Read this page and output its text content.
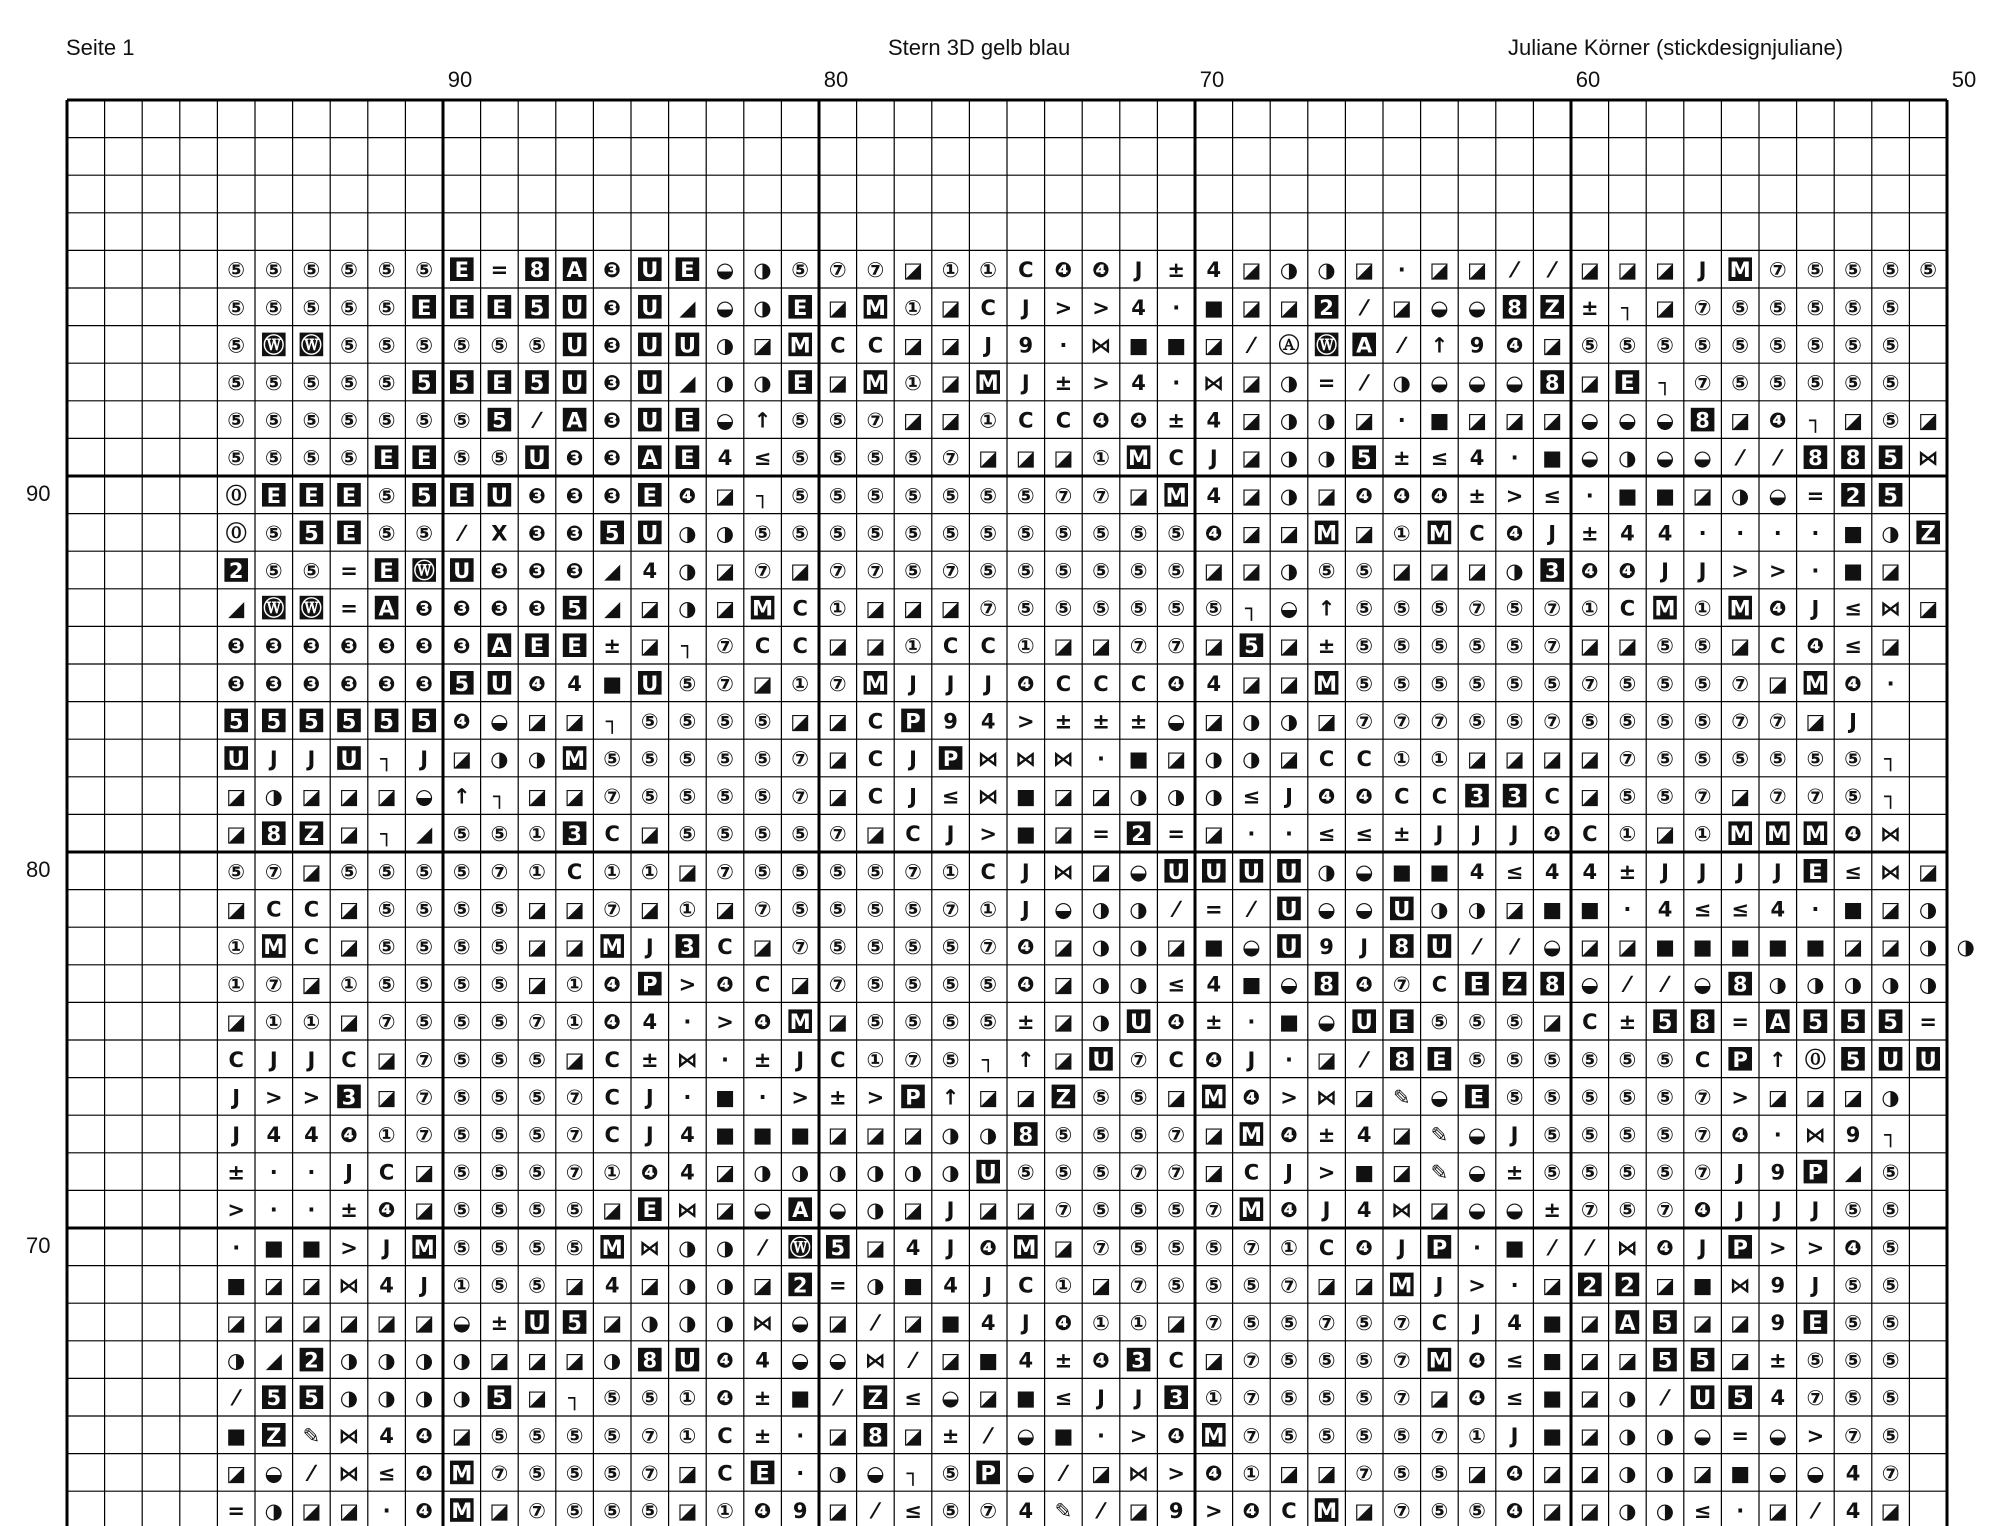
Seite 1	Stern 3D gelb blau	Juliane Körner (stickdesignjuliane)
90	80	70	60	50
90
80
70
⑤ ⑤ ⑤ ⑤ ⑤ ⑤ E = 8 A ❸ U E ◒ ◑ ⑤ ⑦ ⑦ ◪ ① ① C ❹ ❹ J ± 4 ◪ ◑ ◑ ◪ · ◪ ◪ ⁄ ⁄ ◪ ◪ ◪ J M ⑦ ⑤ ⑤ ⑤ ⑤
⑤ ⑤ ⑤ ⑤ ⑤ E E E 5 U ❸ U ◢ ◒ ◑ E ◪ M ① ◪ C J > > 4 · ■ ◪ ◪ 2 ⁄ ◪ ◒ ◒ 8 Z ± ┐ ◪ ⑦ ⑤ ⑤ ⑤ ⑤ ⑤
⑤ Ⓦ Ⓦ ⑤ ⑤ ⑤ ⑤ ⑤ ⑤ U ❸ U U ◑ ◪ M C C ◪ ◪ J 9 · ⋈ ■ ■ ◪ ⁄ Ⓐ Ⓦ A ⁄ ↑ 9 ❹ ◪ ⑤ ⑤ ⑤ ⑤ ⑤ ⑤ ⑤ ⑤ ⑤
⑤ ⑤ ⑤ ⑤ ⑤ 5 5 E 5 U ❸ U ◢ ◑ ◑ E ◪ M ① ◪ M J ± > 4 · ⋈ ◪ ◑ = ⁄ ◑ ◒ ◒ ◒ 8 ◪ E ┐ ⑦ ⑤ ⑤ ⑤ ⑤ ⑤
⑤ ⑤ ⑤ ⑤ ⑤ ⑤ ⑤ 5 ⁄ A ❸ U E ◒ ↑ ⑤ ⑤ ⑦ ◪ ◪ ① C C ❹ ❹ ± 4 ◪ ◑ ◑ ◪ · ■ ◪ ◪ ◪ ◒ ◒ ◒ 8 ◪ ❹ ┐ ◪ ⑤ ◪
⑤ ⑤ ⑤ ⑤ E E ⑤ ⑤ U ❸ ❸ A E 4 ≤ ⑤ ⑤ ⑤ ⑤ ⑦ ◪ ◪ ◪ ① M C J ◪ ◑ ◑ 5 ± ≤ 4 · ■ ◒ ◑ ◒ ◒ ⁄ ⁄ 8 8 5 ⋈
⓪ E E E ⑤ 5 E U ❸ ❸ ❸ E ❹ ◪ ┐ ⑤ ⑤ ⑤ ⑤ ⑤ ⑤ ⑤ ⑦ ⑦ ◪ M 4 ◪ ◑ ◪ ❹ ❹ ❹ ± > ≤ · ■ ■ ◪ ◑ ◒ = 2 5
⓪ ⑤ 5 E ⑤ ⑤ ⁄ X ❸ ❸ 5 U ◑ ◑ ⑤ ⑤ ⑤ ⑤ ⑤ ⑤ ⑤ ⑤ ⑤ ⑤ ⑤ ⑤ ❹ ◪ ◪ M ◪ ① M C ❹ J ± 4 4 · · · · ■ ◑ Z
2 ⑤ ⑤ = E Ⓦ U ❸ ❸ ❸ ◢ 4 ◑ ◪ ⑦ ◪ ⑦ ⑦ ⑤ ⑦ ⑤ ⑤ ⑤ ⑤ ⑤ ⑤ ◪ ◪ ◑ ⑤ ⑤ ◪ ◪ ◪ ◑ 3 ❹ ❹ J J > > · ■ ◪
◢ Ⓦ Ⓦ = A ❸ ❸ ❸ ❸ 5 ◢ ◪ ◑ ◪ M C ① ◪ ◪ ◪ ⑦ ⑤ ⑤ ⑤ ⑤ ⑤ ⑤ ┐ ◒ ↑ ⑤ ⑤ ⑤ ⑦ ⑤ ⑦ ① C M ① M ❹ J ≤ ⋈ ◪
❸ ❸ ❸ ❸ ❸ ❸ ❸ A E E ± ◪ ┐ ⑦ C C ◪ ◪ ① C C ① ◪ ◪ ⑦ ⑦ ◪ 5 ◪ ± ⑤ ⑤ ⑤ ⑤ ⑤ ⑦ ◪ ◪ ⑤ ⑤ ◪ C ❹ ≤ ◪
❸ ❸ ❸ ❸ ❸ ❸ 5 U ❹ 4 ■ U ⑤ ⑦ ◪ ① ⑦ M J J J ❹ C C C ❹ 4 ◪ ◪ M ⑤ ⑤ ⑤ ⑤ ⑤ ⑤ ⑦ ⑤ ⑤ ⑤ ⑦ ◪ M ❹ ·
5 5 5 5 5 5 ❹ ◒ ◪ ◪ ┐ ⑤ ⑤ ⑤ ⑤ ◪ ◪ C P 9 4 > ± ± ± ◒ ◪ ◑ ◑ ◪ ⑦ ⑦ ⑦ ⑤ ⑤ ⑦ ⑤ ⑤ ⑤ ⑤ ⑦ ⑦ ◪ J
U J J U ┐ J ◪ ◑ ◑ M ⑤ ⑤ ⑤ ⑤ ⑤ ⑦ ◪ C J P ⋈ ⋈ ⋈ · ■ ◪ ◑ ◑ ◪ C C ① ① ◪ ◪ ◪ ◪ ⑦ ⑤ ⑤ ⑤ ⑤ ⑤ ⑤ ┐
◪ ◑ ◪ ◪ ◪ ◒ ↑ ┐ ◪ ◪ ⑦ ⑤ ⑤ ⑤ ⑤ ⑦ ◪ C J ≤ ⋈ ■ ◪ ◪ ◑ ◑ ◑ ≤ J ❹ ❹ C C 3 3 C ◪ ⑤ ⑤ ⑦ ◪ ⑦ ⑦ ⑤ ┐
◪ 8 Z ◪ ┐ ◢ ⑤ ⑤ ① 3 C ◪ ⑤ ⑤ ⑤ ⑤ ⑦ ◪ C J > ■ ◪ = 2 = ◪ · · ≤ ≤ ± J J J ❹ C ① ◪ ① M M M ❹ ⋈
⑤ ⑦ ◪ ⑤ ⑤ ⑤ ⑤ ⑦ ① C ① ① ◪ ⑦ ⑤ ⑤ ⑤ ⑤ ⑦ ① C J ⋈ ◪ ◒ U U U U ◑ ◒ ■ ■ 4 ≤ 4 4 ± J J J J E ≤ ⋈ ◪
◪ C C ◪ ⑤ ⑤ ⑤ ⑤ ◪ ◪ ⑦ ◪ ① ◪ ⑦ ⑤ ⑤ ⑤ ⑤ ⑦ ① J ◒ ◑ ◑ ⁄ = ⁄ U ◒ ◒ U ◑ ◑ ◪ ■ ■ · 4 ≤ ≤ 4 · ■ ◪ ◑
① M C ◪ ⑤ ⑤ ⑤ ⑤ ◪ ◪ M J 3 C ◪ ⑦ ⑤ ⑤ ⑤ ⑤ ⑦ ❹ ◪ ◑ ◑ ◪ ■ ◒ U 9 J 8 U ⁄ ⁄ ◒ ◪ ◪ ■ ■ ■ ■ ■ ◪ ◪ ◑ ◑
① ⑦ ◪ ① ⑤ ⑤ ⑤ ⑤ ◪ ① ❹ P > ❹ C ◪ ⑦ ⑤ ⑤ ⑤ ⑤ ❹ ◪ ◑ ◑ ≤ 4 ■ ◒ 8 ❹ ⑦ C E Z 8 ◒ ⁄ ⁄ ◒ 8 ◑ ◑ ◑ ◑ ◑
◪ ① ① ◪ ⑦ ⑤ ⑤ ⑤ ⑦ ① ❹ 4 · > ❹ M ◪ ⑤ ⑤ ⑤ ⑤ ± ◪ ◑ U ❹ ± · ■ ◒ U E ⑤ ⑤ ⑤ ◪ C ± 5 8 = A 5 5 5 =
C J J C ◪ ⑦ ⑤ ⑤ ⑤ ◪ C ± ⋈ · ± J C ① ⑦ ⑤ ┐ ↑ ◪ U ⑦ C ❹ J · ◪ ⁄ 8 E ⑤ ⑤ ⑤ ⑤ ⑤ ⑤ C P ↑ ⓪ 5 U U
J > > 3 ◪ ⑦ ⑤ ⑤ ⑤ ⑦ C J · ■ · > ± > P ↑ ◪ ◪ Z ⑤ ⑤ ◪ M ❹ > ⋈ ◪ ✎ ◒ E ⑤ ⑤ ⑤ ⑤ ⑤ ⑦ > ◪ ◪ ◪ ◑
J 4 4 ❹ ① ⑦ ⑤ ⑤ ⑤ ⑦ C J 4 ■ ■ ■ ◪ ◪ ◪ ◑ ◑ 8 ⑤ ⑤ ⑤ ⑦ ◪ M ❹ ± 4 ◪ ✎ ◒ J ⑤ ⑤ ⑤ ⑤ ⑦ ❹ · ⋈ 9 ┐
± · · J C ◪ ⑤ ⑤ ⑤ ⑦ ① ❹ 4 ◪ ◑ ◑ ◑ ◑ ◑ ◑ U ⑤ ⑤ ⑤ ⑦ ⑦ ◪ C J > ■ ◪ ✎ ◒ ± ⑤ ⑤ ⑤ ⑤ ⑦ J 9 P ◢ ⑤
> · · ± ❹ ◪ ⑤ ⑤ ⑤ ⑤ ◪ E ⋈ ◪ ◒ A ◒ ◑ ◪ J ◪ ◪ ⑦ ⑤ ⑤ ⑤ ⑦ M ❹ J 4 ⋈ ◪ ◒ ◒ ± ⑦ ⑤ ⑦ ❹ J J J ⑤ ⑤
· ■ ■ > J M ⑤ ⑤ ⑤ ⑤ M ⋈ ◑ ◑ ⁄ Ⓦ 5 ◪ 4 J ❹ M ◪ ⑦ ⑤ ⑤ ⑤ ⑦ ① C ❹ J P · ■ ⁄ ⁄ ⋈ ❹ J P > > ❹ ⑤
■ ◪ ◪ ⋈ 4 J ① ⑤ ⑤ ◪ 4 ◪ ◑ ◑ ◪ 2 = ◑ ■ 4 J C ① ◪ ⑦ ⑤ ⑤ ⑤ ⑦ ◪ ◪ M J > · ◪ 2 2 ◪ ■ ⋈ 9 J ⑤ ⑤
◪ ◪ ◪ ◪ ◪ ◪ ◒ ± U 5 ◪ ◑ ◑ ◑ ⋈ ◒ ◪ ⁄ ◪ ■ 4 J ❹ ① ① ◪ ⑦ ⑤ ⑤ ⑦ ⑤ ⑦ C J 4 ■ ◪ A 5 ◪ ◪ 9 E ⑤ ⑤
◑ ◢ 2 ◑ ◑ ◑ ◑ ◪ ◪ ◪ ◑ 8 U ❹ 4 ◒ ◒ ⋈ ⁄ ◪ ■ 4 ± ❹ 3 C ◪ ⑦ ⑤ ⑤ ⑤ ⑦ M ❹ ≤ ■ ◪ ◪ 5 5 ◪ ± ⑤ ⑤ ⑤
⁄ 5 5 ◑ ◑ ◑ ◑ 5 ◪ ┐ ⑤ ⑤ ① ❹ ± ■ ⁄ Z ≤ ◒ ◪ ■ ≤ J J 3 ① ⑦ ⑤ ⑤ ⑤ ⑦ ◪ ❹ ≤ ■ ◪ ◑ ⁄ U 5 4 ⑦ ⑤ ⑤
■ Z ✎ ⋈ 4 ❹ ◪ ⑤ ⑤ ⑤ ⑤ ⑦ ① C ± · ◪ 8 ◪ ± ⁄ ◒ ■ · > ❹ M ⑦ ⑤ ⑤ ⑤ ⑤ ⑦ ① J ■ ◪ ◑ ◑ ◒ = ◒ > ⑦ ⑤
◪ ◒ ⁄ ⋈ ≤ ❹ M ⑦ ⑤ ⑤ ⑤ ⑦ ◪ C E · ◑ ◒ ┐ ⑤ P ◒ ⁄ ◪ ⋈ > ❹ ① ◪ ◪ ⑦ ⑤ ⑤ ◪ ❹ ◪ ◪ ◑ ◑ ◪ ■ ◒ ◒ 4 ⑦
= ◑ ◪ ◪ · ❹ M ◪ ⑦ ⑤ ⑤ ⑤ ◪ ① ❹ 9 ◪ ⁄ ≤ ⑤ ⑦ 4 ✎ ⁄ ◪ 9 > ❹ C M ◪ ⑦ ⑤ ⑤ ❹ ◪ ◪ ◑ ◑ ≤ · ◪ ⁄ 4 ◪
